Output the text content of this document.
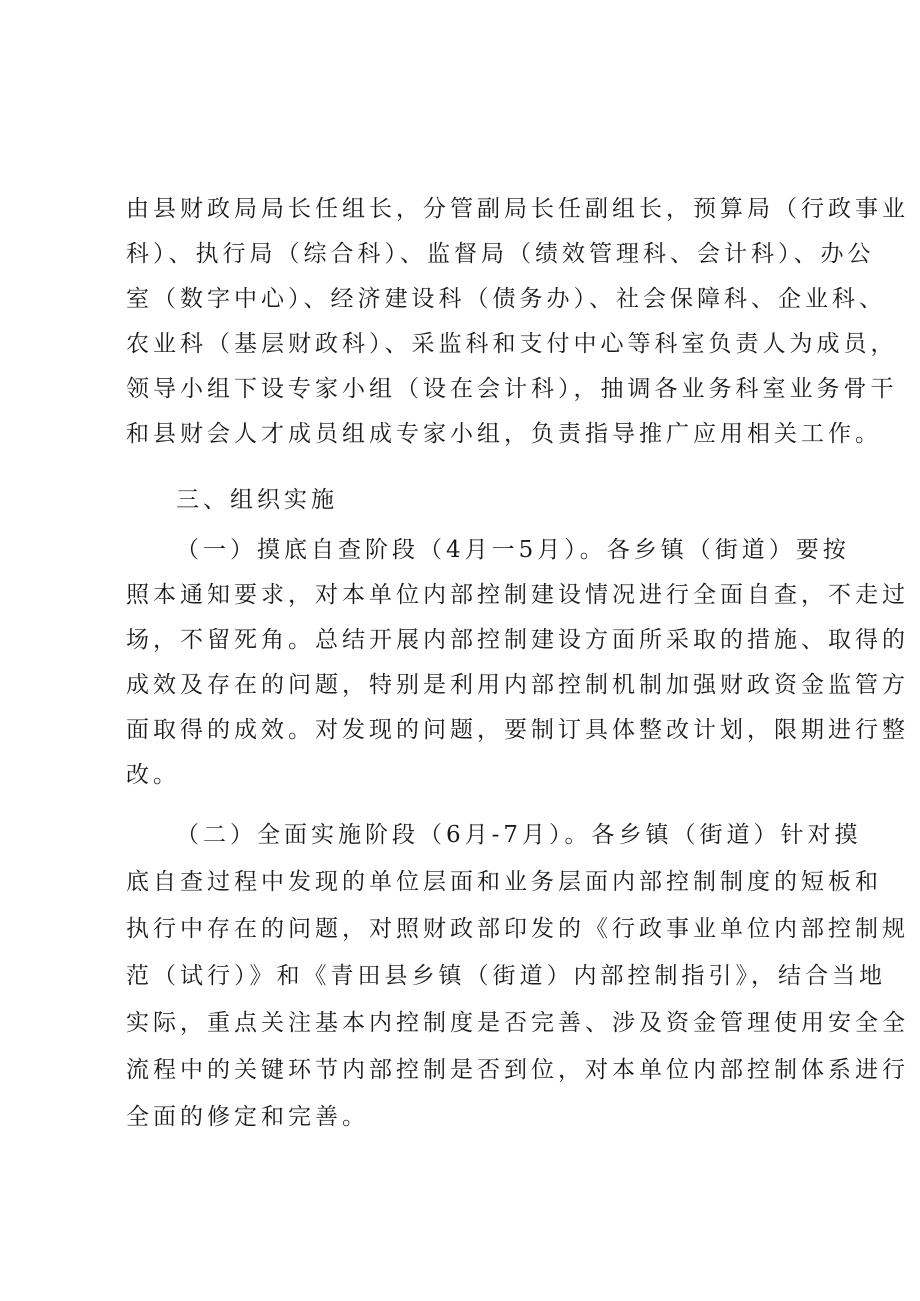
由县财政局局长任组长，分管副局长任副组长，预算局（行政事业
科）、执行局（综合科）、监督局（绩效管理科、会计科）、办公
室（数字中心）、经济建设科（债务办）、社会保障科、企业科、
农业科（基层财政科）、采监科和支付中心等科室负责人为成员，
领导小组下设专家小组（设在会计科），抽调各业务科室业务骨干
和县财会人才成员组成专家小组，负责指导推广应用相关工作。
三、组织实施
（一）摸底自查阶段（4月一5月）。各乡镇（街道）要按
照本通知要求，对本单位内部控制建设情况进行全面自查，不走过
场，不留死角。总结开展内部控制建设方面所采取的措施、取得的
成效及存在的问题，特别是利用内部控制机制加强财政资金监管方
面取得的成效。对发现的问题，要制订具体整改计划，限期进行整
改。
（二）全面实施阶段（6月-7月）。各乡镇（街道）针对摸
底自查过程中发现的单位层面和业务层面内部控制制度的短板和
执行中存在的问题，对照财政部印发的《行政事业单位内部控制规
范（试行）》和《青田县乡镇（街道）内部控制指引》，结合当地
实际，重点关注基本内控制度是否完善、涉及资金管理使用安全全
流程中的关键环节内部控制是否到位，对本单位内部控制体系进行
全面的修定和完善。
